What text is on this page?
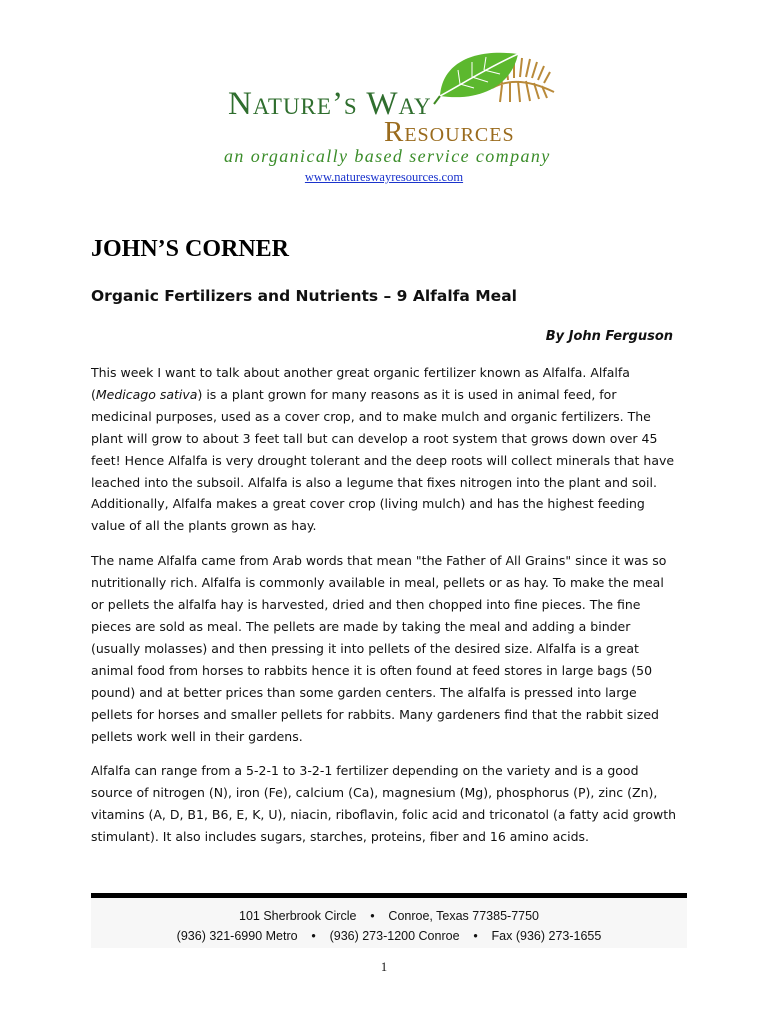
Nature’s Way
Resources
an organically based service company
www.natureswayresources.com
JOHN’S CORNER
Organic Fertilizers and Nutrients – 9 Alfalfa Meal
By John Ferguson

This week I want to talk about another great organic fertilizer known as Alfalfa. Alfalfa (Medicago sativa) is a plant grown for many reasons as it is used in animal feed, for medicinal purposes, used as a cover crop, and to make mulch and organic fertilizers. The plant will grow to about 3 feet tall but can develop a root system that grows down over 45 feet! Hence Alfalfa is very drought tolerant and the deep roots will collect minerals that have leached into the subsoil. Alfalfa is also a legume that fixes nitrogen into the plant and soil. Additionally, Alfalfa makes a great cover crop (living mulch) and has the highest feeding value of all the plants grown as hay.

The name Alfalfa came from Arab words that mean "the Father of All Grains" since it was so nutritionally rich. Alfalfa is commonly available in meal, pellets or as hay. To make the meal or pellets the alfalfa hay is harvested, dried and then chopped into fine pieces. The fine pieces are sold as meal. The pellets are made by taking the meal and adding a binder (usually molasses) and then pressing it into pellets of the desired size. Alfalfa is a great animal food from horses to rabbits hence it is often found at feed stores in large bags (50 pound) and at better prices than some garden centers. The alfalfa is pressed into large pellets for horses and smaller pellets for rabbits. Many gardeners find that the rabbit sized pellets work well in their gardens.

Alfalfa can range from a 5-2-1 to 3-2-1 fertilizer depending on the variety and is a good source of nitrogen (N), iron (Fe), calcium (Ca), magnesium (Mg), phosphorus (P), zinc (Zn), vitamins (A, D, B1, B6, E, K, U), niacin, riboflavin, folic acid and triconatol (a fatty acid growth stimulant). It also includes sugars, starches, proteins, fiber and 16 amino acids.

101 Sherbrook Circle • Conroe, Texas 77385-7750
(936) 321-6990 Metro • (936) 273-1200 Conroe • Fax (936) 273-1655
1
